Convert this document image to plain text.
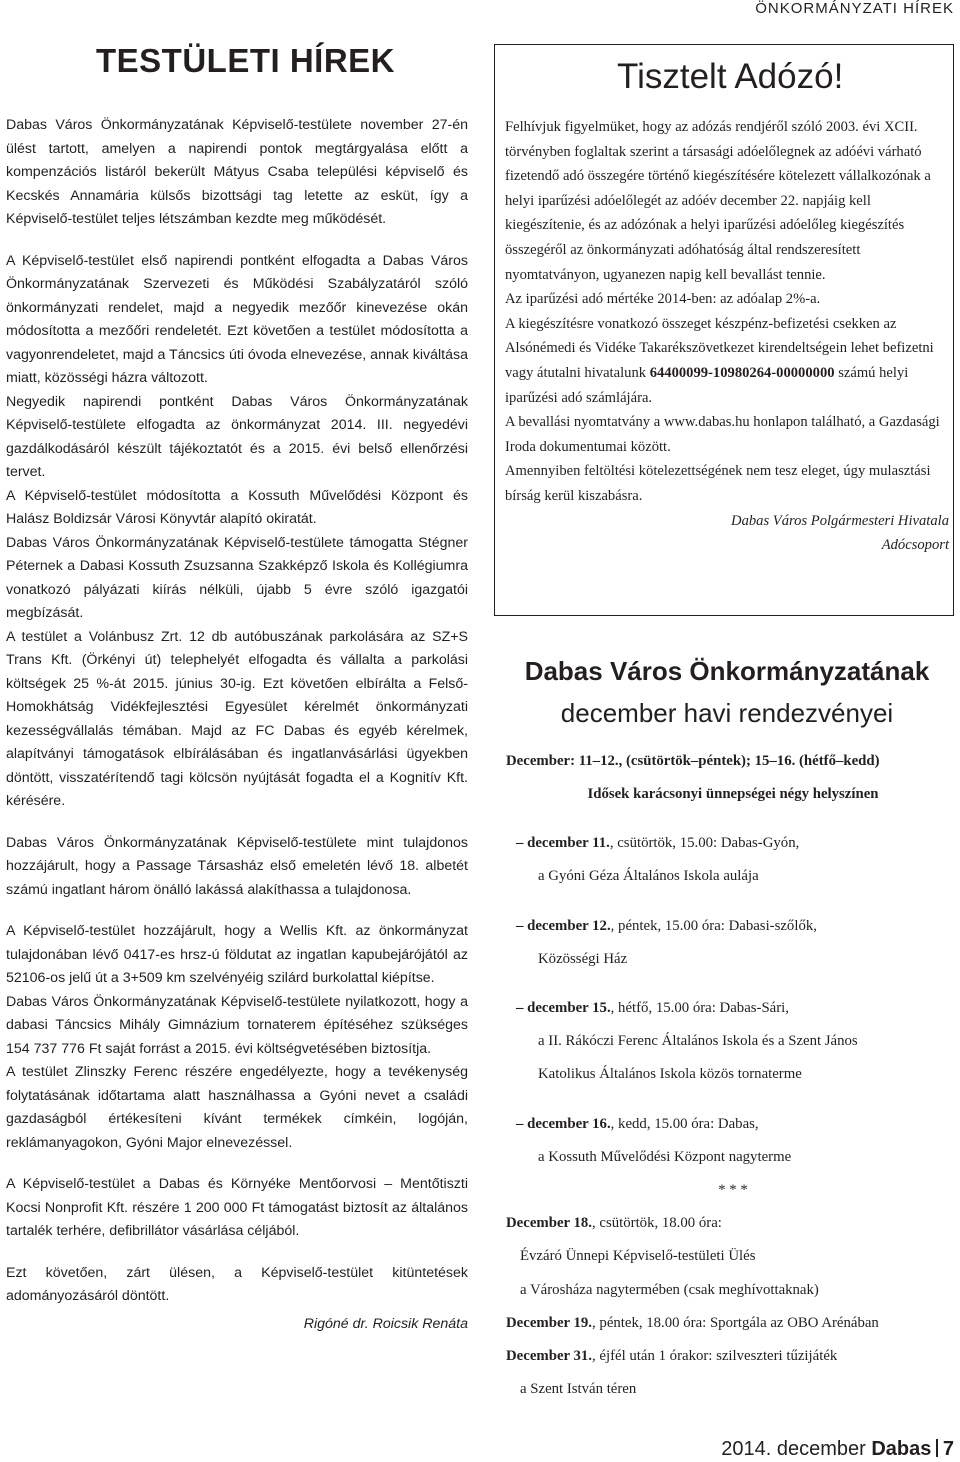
ÖNKORMÁNYZATI HÍREK
TESTÜLETI HÍREK

Dabas Város Önkormányzatának Képviselő-testülete november 27-én ülést tartott, amelyen a napirendi pontok megtárgyalása előtt a kompenzációs listáról bekerült Mátyus Csaba települési képviselő és Kecskés Annamária külsős bizottsági tag letette az esküt, így a Képviselő-testület teljes létszámban kezdte meg működését.

A Képviselő-testület első napirendi pontként elfogadta a Dabas Város Önkormányzatának Szervezeti és Működési Szabályzatáról szóló önkormányzati rendelet, majd a negyedik mezőőr kinevezése okán módosította a mezőőri rendeletét. Ezt követően a testület módosította a vagyonrendeletet, majd a Táncsics úti óvoda elnevezése, annak kiváltása miatt, közösségi házra változott.

Negyedik napirendi pontként Dabas Város Önkormányzatának Képviselő-testülete elfogadta az önkormányzat 2014. III. negyedévi gazdálkodásáról készült tájékoztatót és a 2015. évi belső ellenőrzési tervet.

A Képviselő-testület módosította a Kossuth Művelődési Központ és Halász Boldizsár Városi Könyvtár alapító okiratát.

Dabas Város Önkormányzatának Képviselő-testülete támogatta Stégner Péternek a Dabasi Kossuth Zsuzsanna Szakképző Iskola és Kollégiumra vonatkozó pályázati kiírás nélküli, újabb 5 évre szóló igazgatói megbízását.

A testület a Volánbusz Zrt. 12 db autóbuszának parkolására az SZ+S Trans Kft. (Örkényi út) telephelyét elfogadta és vállalta a parkolási költségek 25 %-át 2015. június 30-ig. Ezt követően elbírálta a Felső-Homokhátság Vidékfejlesztési Egyesület kérelmét önkormányzati kezességvállalás témában. Majd az FC Dabas és egyéb kérelmek, alapítványi támogatások elbírálásában és ingatlanvásárlási ügyekben döntött, visszatérítendő tagi kölcsön nyújtását fogadta el a Kognitív Kft. kérésére.

Dabas Város Önkormányzatának Képviselő-testülete mint tulajdonos hozzájárult, hogy a Passage Társasház első emeletén lévő 18. albetét számú ingatlant három önálló lakássá alakíthassa a tulajdonosa.

A Képviselő-testület hozzájárult, hogy a Wellis Kft. az önkormányzat tulajdonában lévő 0417-es hrsz-ú földutat az ingatlan kapubejárójától az 52106-os jelű út a 3+509 km szelvényéig szilárd burkolattal kiépítse.

Dabas Város Önkormányzatának Képviselő-testülete nyilatkozott, hogy a dabasi Táncsics Mihály Gimnázium tornaterem építéséhez szükséges 154 737 776 Ft saját forrást a 2015. évi költségvetésében biztosítja.

A testület Zlinszky Ferenc részére engedélyezte, hogy a tevékenység folytatásának időtartama alatt használhassa a Gyóni nevet a családi gazdaságból értékesíteni kívánt termékek címkéin, logóján, reklámanyagokon, Gyóni Major elnevezéssel.

A Képviselő-testület a Dabas és Környéke Mentőorvosi – Mentőtiszti Kocsi Nonprofit Kft. részére 1 200 000 Ft támogatást biztosít az általános tartalék terhére, defibrillátor vásárlása céljából.

Ezt követően, zárt ülésen, a Képviselő-testület kitüntetések adományozásáról döntött.

Rigóné dr. Roicsik Renáta

Tisztelt Adózó!

Felhívjuk figyelmüket, hogy az adózás rendjéről szóló 2003. évi XCII. törvényben foglaltak szerint a társasági adóelőlegnek az adóévi várható fizetendő adó összegére történő kiegészítésére kötelezett vállalkozónak a helyi iparűzési adóelőlegét az adóév december 22. napjáig kell kiegészítenie, és az adózónak a helyi iparűzési adóelőleg kiegészítés összegéről az önkormányzati adóhatóság által rendszeresített nyomtatványon, ugyanezen napig kell bevallást tennie.

Az iparűzési adó mértéke 2014-ben: az adóalap 2%-a.

A kiegészítésre vonatkozó összeget készpénz-befizetési csekken az Alsónémedi és Vidéke Takarékszövetkezet kirendeltségein lehet befizetni vagy átutalni hivatalunk 64400099-10980264-00000000 számú helyi iparűzési adó számlájára.

A bevallási nyomtatvány a www.dabas.hu honlapon található, a Gazdasági Iroda dokumentumai között.

Amennyiben feltöltési kötelezettségének nem tesz eleget, úgy mulasztási bírság kerül kiszabásra.

Dabas Város Polgármesteri Hivatala

Adócsoport

Dabas Város Önkormányzatának
december havi rendezvényei

December: 11–12., (csütörtök–péntek); 15–16. (hétfő–kedd)

Idősek karácsonyi ünnepségei négy helyszínen

– december 11., csütörtök, 15.00: Dabas-Gyón,

a Gyóni Géza Általános Iskola aulája

– december 12., péntek, 15.00 óra: Dabasi-szőlők,

Közösségi Ház

– december 15., hétfő, 15.00 óra: Dabas-Sári,

a II. Rákóczi Ferenc Általános Iskola és a Szent János

Katolikus Általános Iskola közös tornaterme

– december 16., kedd, 15.00 óra: Dabas,

a Kossuth Művelődési Központ nagyterme

* * *

December 18., csütörtök, 18.00 óra:

Évzáró Ünnepi Képviselő-testületi Ülés

a Városháza nagytermében (csak meghívottaknak)

December 19., péntek, 18.00 óra: Sportgála az OBO Arénában

December 31., éjfél után 1 órakor: szilveszteri tűzijáték

a Szent István téren

2014. december Dabas 7
